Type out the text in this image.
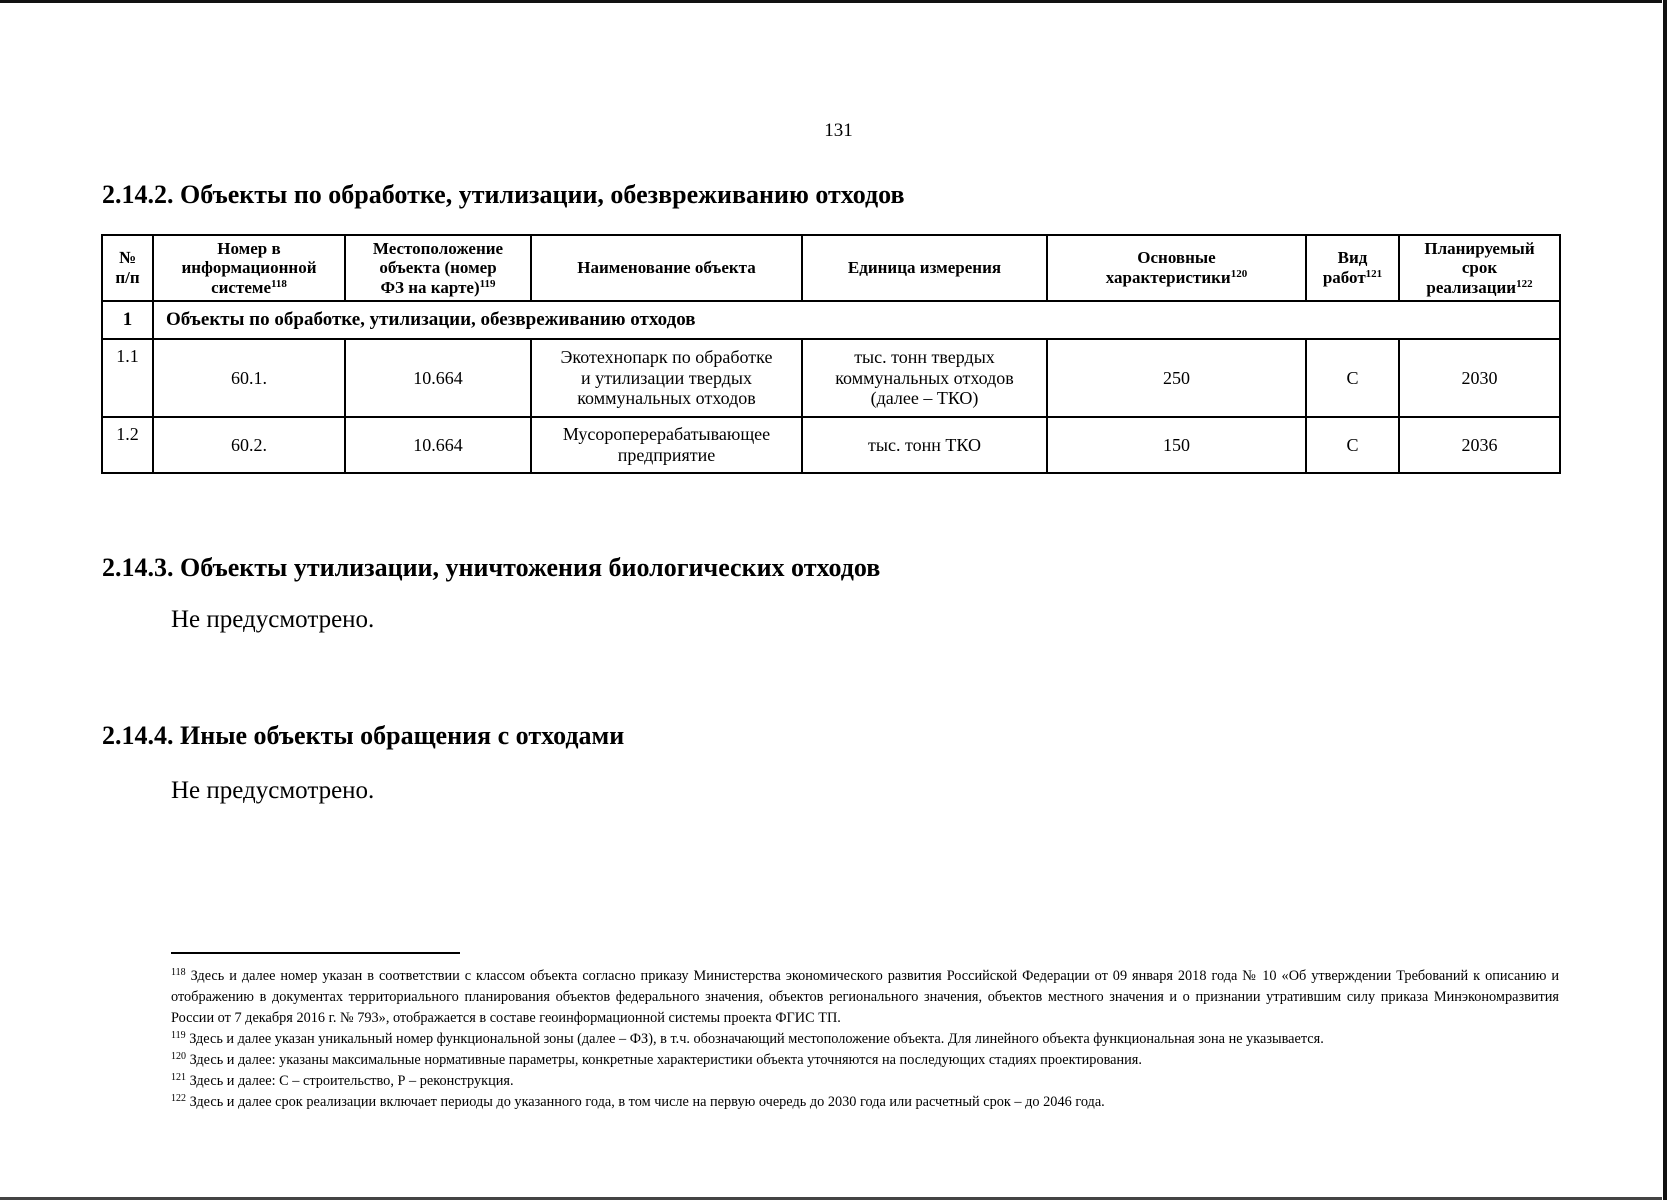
131
2.14.2. Объекты по обработке, утилизации, обезвреживанию отходов
№
п/п	Номер в
информационной
системе$^{118}$	Местоположение
объекта (номер
ФЗ на карте)$^{119}$	Наименование объекта	Единица измерения	Основные
характеристики$^{120}$	Вид
работ$^{121}$	Планируемый
срок
реализации$^{122}$
1	Объекты по обработке, утилизации, обезвреживанию отходов						
1.1	60.1.	10.664	Экотехнопарк по обработке
и утилизации твердых
коммунальных отходов	тыс. тонн твердых
коммунальных отходов
(далее – ТКО)	250	С	2030
1.2	60.2.	10.664	Мусороперерабатывающее
предприятие	тыс. тонн ТКО	150	С	2036
2.14.3. Объекты утилизации, уничтожения биологических отходов
Не предусмотрено.
2.14.4. Иные объекты обращения с отходами
Не предусмотрено.

$^{118}$ Здесь и далее номер указан в соответствии с классом объекта согласно приказу Министерства экономического развития Российской Федерации от 09 января 2018 года № 10 «Об утверждении Требований к описанию и отображению в документах территориального планирования объектов федерального значения, объектов регионального значения, объектов местного значения и о признании утратившим силу приказа Минэкономразвития России от 7 декабря 2016 г. № 793», отображается в составе геоинформационной системы проекта ФГИС ТП.

$^{119}$ Здесь и далее указан уникальный номер функциональной зоны (далее – ФЗ), в т.ч. обозначающий местоположение объекта. Для линейного объекта функциональная зона не указывается.

$^{120}$ Здесь и далее: указаны максимальные нормативные параметры, конкретные характеристики объекта уточняются на последующих стадиях проектирования.

$^{121}$ Здесь и далее: С – строительство, Р – реконструкция.

$^{122}$ Здесь и далее срок реализации включает периоды до указанного года, в том числе на первую очередь до 2030 года или расчетный срок – до 2046 года.
